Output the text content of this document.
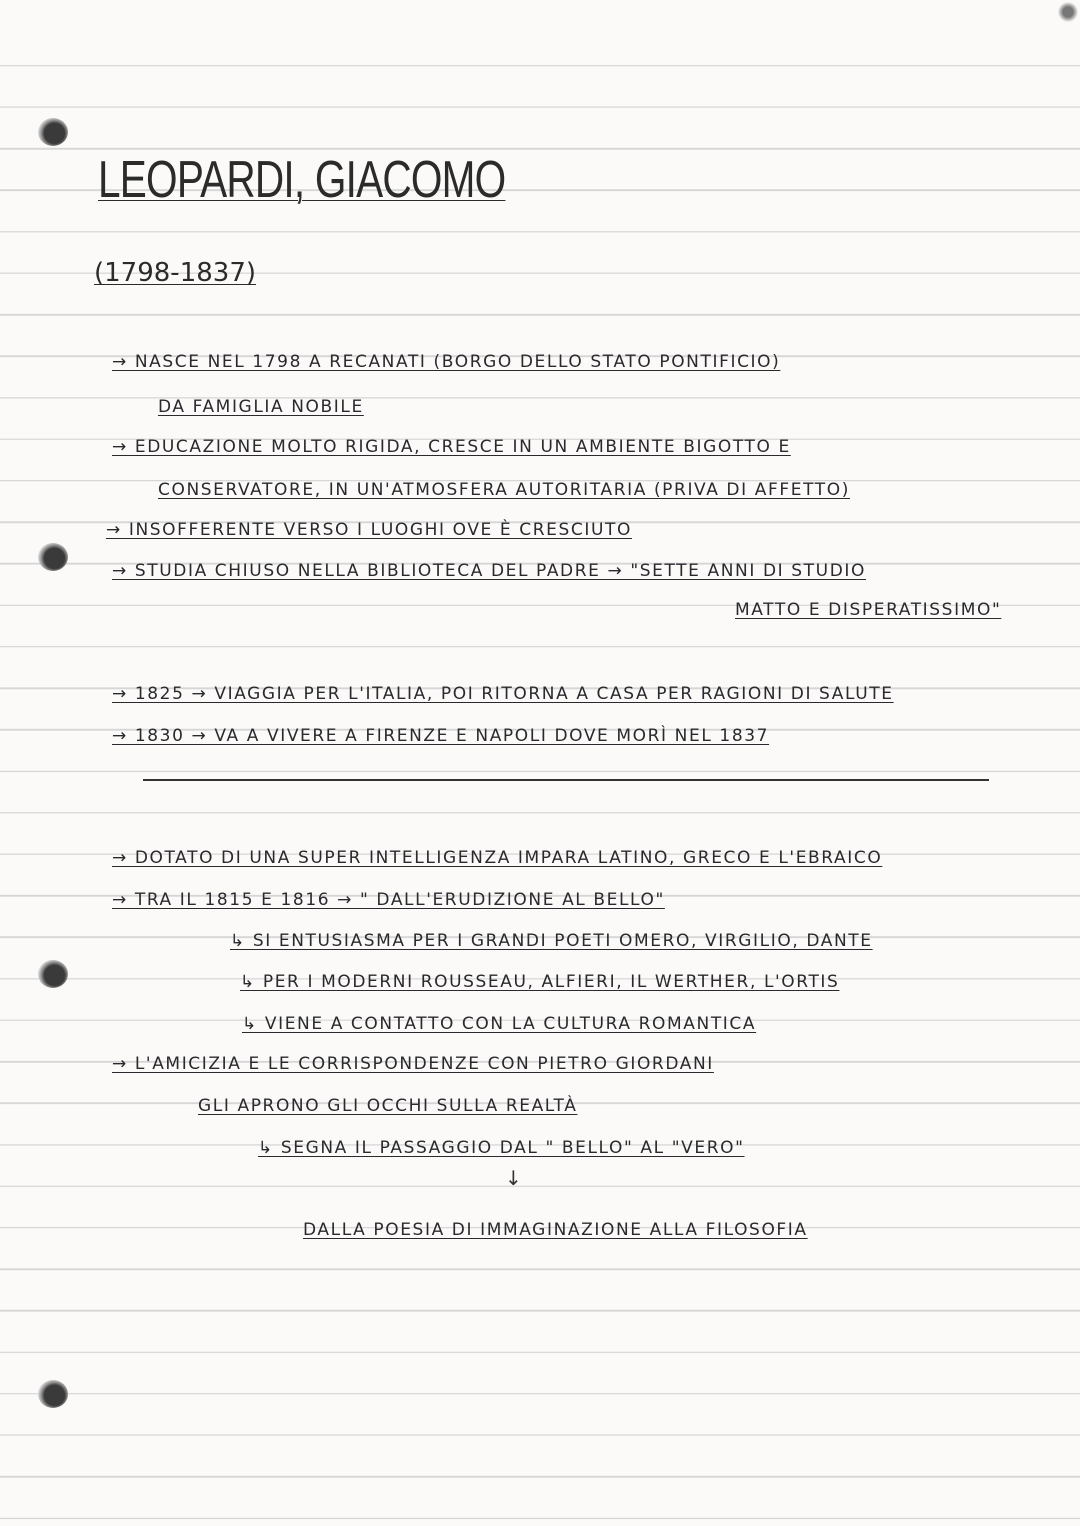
LEOPARDI, GIACOMO
(1798-1837)
→ NASCE NEL 1798 A RECANATI (BORGO DELLO STATO PONTIFICIO)
DA FAMIGLIA NOBILE
→ EDUCAZIONE MOLTO RIGIDA, CRESCE IN UN AMBIENTE BIGOTTO E
CONSERVATORE, IN UN'ATMOSFERA AUTORITARIA (PRIVA DI AFFETTO)
→ INSOFFERENTE VERSO I LUOGHI OVE È CRESCIUTO
→ STUDIA CHIUSO NELLA BIBLIOTECA DEL PADRE → "SETTE ANNI DI STUDIO
MATTO E DISPERATISSIMO"
→ 1825 → VIAGGIA PER L'ITALIA, POI RITORNA A CASA PER RAGIONI DI SALUTE
→ 1830 → VA A VIVERE A FIRENZE E NAPOLI DOVE MORÌ NEL 1837
→ DOTATO DI UNA SUPER INTELLIGENZA IMPARA LATINO, GRECO E L'EBRAICO
→ TRA IL 1815 E 1816 → " DALL'ERUDIZIONE AL BELLO"
↳ SI ENTUSIASMA PER I GRANDI POETI OMERO, VIRGILIO, DANTE
↳ PER I MODERNI ROUSSEAU, ALFIERI, IL WERTHER, L'ORTIS
↳ VIENE A CONTATTO CON LA CULTURA ROMANTICA
→ L'AMICIZIA E LE CORRISPONDENZE CON PIETRO GIORDANI
GLI APRONO GLI OCCHI SULLA REALTÀ
↳ SEGNA IL PASSAGGIO DAL " BELLO" AL "VERO"
↓
DALLA POESIA DI IMMAGINAZIONE ALLA FILOSOFIA
